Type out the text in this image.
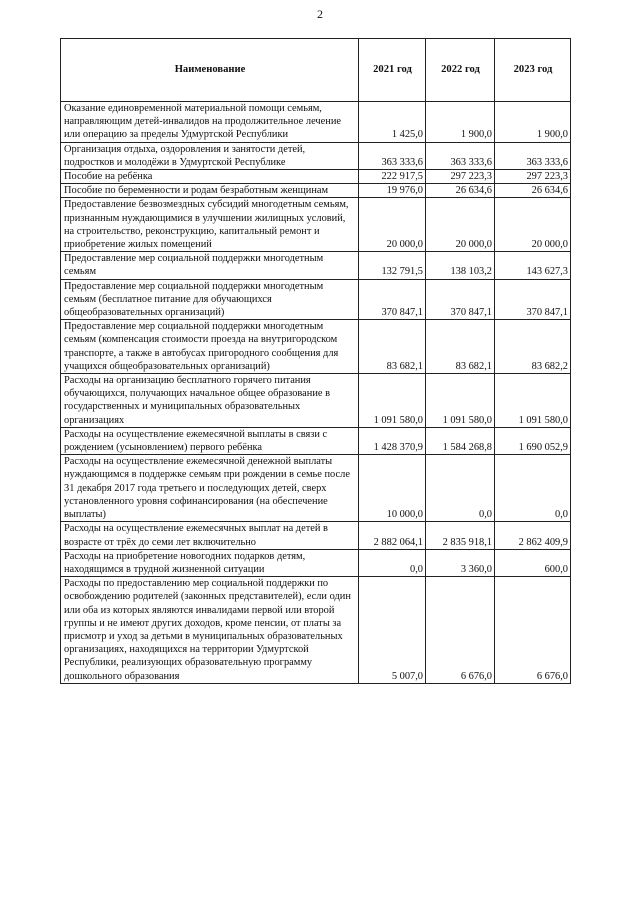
2
Наименование	2021 год	2022 год	2023 год
Оказание единовременной материальной помощи семьям, направляющим детей-инвалидов на продолжительное лечение или операцию за пределы Удмуртской Республики	1 425,0	1 900,0	1 900,0
Организация отдыха, оздоровления и занятости детей, подростков и молодёжи в Удмуртской Республике	363 333,6	363 333,6	363 333,6
Пособие на ребёнка	222 917,5	297 223,3	297 223,3
Пособие по беременности и родам безработным женщинам	19 976,0	26 634,6	26 634,6
Предоставление безвозмездных субсидий многодетным семьям, признанным нуждающимися в улучшении жилищных условий, на строительство, реконструкцию, капитальный ремонт и приобретение жилых помещений	20 000,0	20 000,0	20 000,0
Предоставление мер социальной поддержки многодетным семьям	132 791,5	138 103,2	143 627,3
Предоставление мер социальной поддержки многодетным семьям (бесплатное питание для обучающихся общеобразовательных организаций)	370 847,1	370 847,1	370 847,1
Предоставление мер социальной поддержки многодетным семьям (компенсация стоимости проезда на внутригородском транспорте, а также в автобусах пригородного сообщения для учащихся общеобразовательных организаций)	83 682,1	83 682,1	83 682,2
Расходы на организацию бесплатного горячего питания обучающихся, получающих начальное общее образование в государственных и муниципальных образовательных организациях	1 091 580,0	1 091 580,0	1 091 580,0
Расходы на осуществление ежемесячной выплаты в связи с рождением (усыновлением) первого ребёнка	1 428 370,9	1 584 268,8	1 690 052,9
Расходы на осуществление ежемесячной денежной выплаты нуждающимся в поддержке семьям при рождении в семье после 31 декабря 2017 года третьего и последующих детей, сверх установленного уровня софинансирования (на обеспечение выплаты)	10 000,0	0,0	0,0
Расходы на осуществление ежемесячных выплат на детей в возрасте от трёх до семи лет включительно	2 882 064,1	2 835 918,1	2 862 409,9
Расходы на приобретение новогодних подарков детям, находящимся в трудной жизненной ситуации	0,0	3 360,0	600,0
Расходы по предоставлению мер социальной поддержки по освобождению родителей (законных представителей), если один или оба из которых являются инвалидами первой или второй группы и не имеют других доходов, кроме пенсии, от платы за присмотр и уход за детьми в муниципальных образовательных организациях, находящихся на территории Удмуртской Республики, реализующих образовательную программу дошкольного образования	5 007,0	6 676,0	6 676,0
